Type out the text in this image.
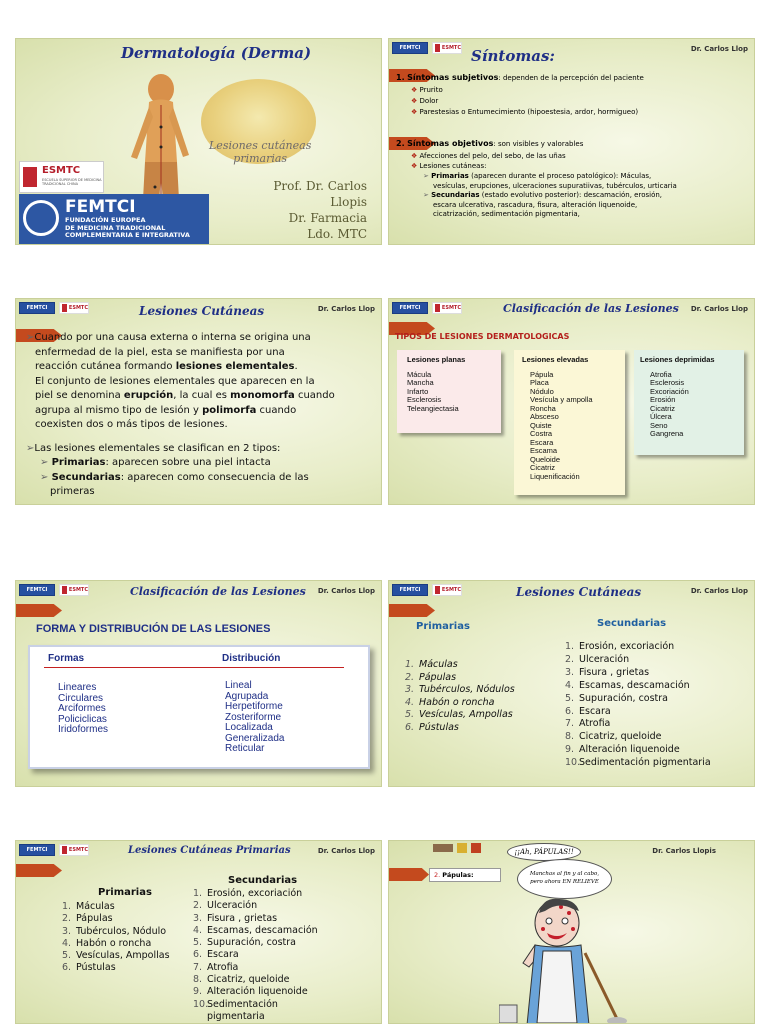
Dermatología (Derma)
Lesiones cutáneas
primarias
ESMTC
ESCUELA SUPERIOR DE MEDICINA TRADICIONAL CHINA
FEMTCI
FUNDACIÓN EUROPEA
DE MEDICINA TRADICIONAL
COMPLEMENTARIA E INTEGRATIVA
Prof. Dr. Carlos
Llopis
Dr. Farmacia
Ldo. MTC
FEMTCI	ESMTC Síntomas:	Dr. Carlos Llop
1. Síntomas subjetivos: dependen de la percepción del paciente
❖ Prurito
❖ Dolor
❖ Parestesias o Entumecimiento (hipoestesia, ardor, hormigueo)
2. Síntomas objetivos: son visibles y valorables
❖ Afecciones del pelo, del sebo, de las uñas
❖ Lesiones cutáneas:
➢ Primarias (aparecen durante el proceso patológico): Máculas,
vesículas, erupciones, ulceraciones supuratiivas, tubérculos, urticaria
➢ Secundarias (estado evolutivo posterior): descamación, erosión,
escara ulcerativa, rascadura, fisura, alteración liquenoide,
cicatrización, sedimentación pigmentaria,
FEMTCI	ESMTC	Lesiones Cutáneas	Dr. Carlos Llop
➢Cuando por una causa externa o interna se origina una
enfermedad de la piel, esta se manifiesta por una
reacción cutánea formando lesiones elementales.
El conjunto de lesiones elementales que aparecen en la
piel se denomina erupción, la cual es monomorfa cuando
agrupa al mismo tipo de lesión y polimorfa cuando
coexisten dos o más tipos de lesiones.
➢Las lesiones elementales se clasifican en 2 tipos:
➢ Primarias: aparecen sobre una piel intacta
➢ Secundarias: aparecen como consecuencia de las
primeras
FEMTCI	ESMTC	Clasificación de las Lesiones Dr. Carlos Llop
TIPOS DE LESIONES DERMATOLOGICAS
Lesiones planas
Mácula
Mancha
Infarto
Esclerosis
Teleangiectasia
Lesiones elevadas
Pápula
Placa
Nódulo
Vesícula y ampolla
Roncha
Absceso
Quiste
Costra
Escara
Escama
Queloide
Cicatriz
Liquenificación
Lesiones deprimidas
Atrofia
Esclerosis
Excoriación
Erosión
Cicatriz
Úlcera
Seno
Gangrena
FEMTCI	ESMTC	Clasificación de las Lesiones Dr. Carlos Llop
FORMA Y DISTRIBUCIÓN DE LAS LESIONES
Formas	Distribución
Lineares
Circulares
Arciformes
Policiclicas
Iridoformes
Lineal
Agrupada
Herpetiforme
Zosteriforme
Localizada
Generalizada
Reticular
FEMTCI	ESMTC	Lesiones Cutáneas	Dr. Carlos Llop
Primarias	Secundarias
1. Máculas
2. Pápulas
3. Tubérculos, Nódulos
4. Habón o roncha
5. Vesículas, Ampollas
6. Pústulas
1. Erosión, excoriación
2. Ulceración
3. Fisura , grietas
4. Escamas, descamación
5. Supuración, costra
6. Escara
7. Atrofia
8. Cicatriz, queloide
9. Alteración liquenoide
10.Sedimentación pigmentaria
FEMTCI	ESMTC	Lesiones Cutáneas Primarias	Dr. Carlos Llop
Primarias
Secundarias
1. Máculas
2. Pápulas
3. Tubérculos, Nódulo
4. Habón o roncha
5. Vesículas, Ampollas
6. Pústulas
1. Erosión, excoriación
2. Ulceración
3. Fisura , grietas
4. Escamas, descamación
5. Supuración, costra
6. Escara
7. Atrofia
8. Cicatriz, queloide
9. Alteración liquenoide
10.Sedimentación
pigmentaria
Dr. Carlos Llopis
2. Pápulas:
¡¡Ah, PÁPULAS!!
Manchas al fin y al cabo,
pero ahora EN RELIEVE
